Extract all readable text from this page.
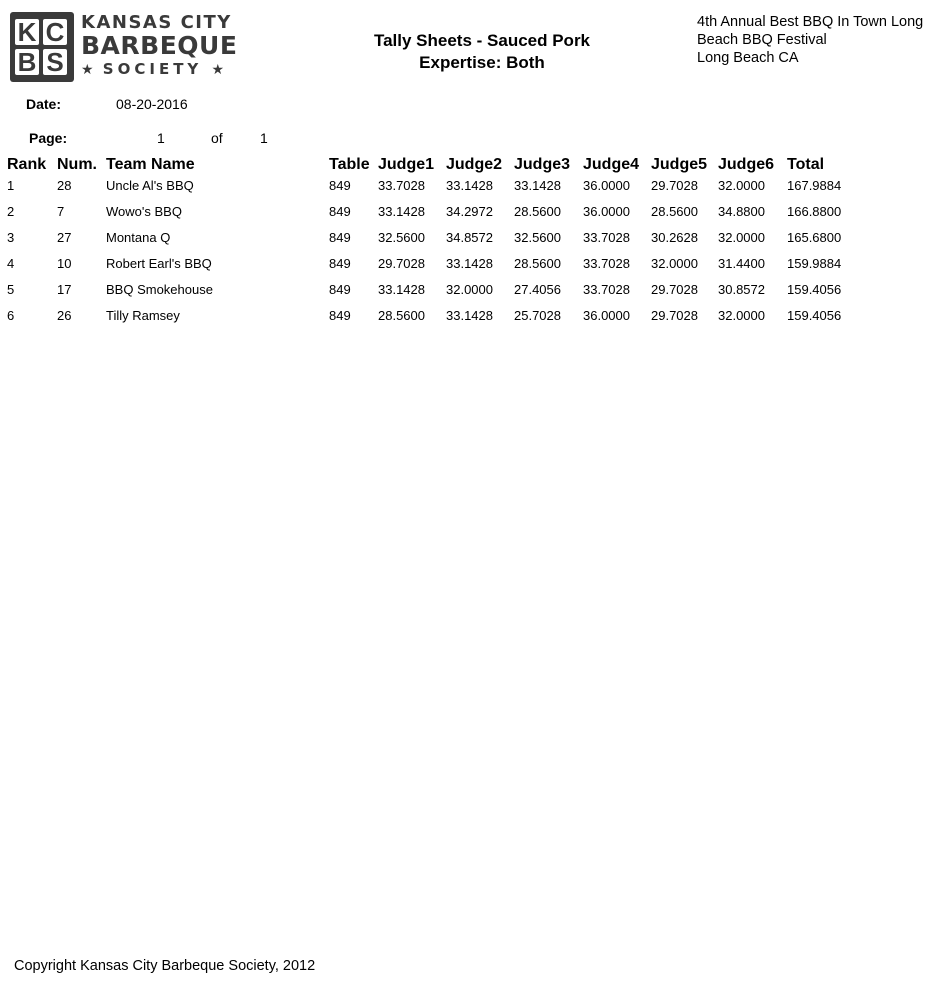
K C
B S
KANSAS CITY
BARBEQUE
★ SOCIETY ★
Tally Sheets - Sauced Pork
Expertise: Both
4th Annual Best BBQ In Town Long
Beach BBQ Festival
Long Beach CA
Date:	08-20-2016
Page:	1	of	1
Rank Num. Team Name	Table Judge1 Judge2 Judge3 Judge4 Judge5 Judge6 Total
1	28	Uncle Al's BBQ	849 33.7028 33.1428 33.1428 36.0000 29.7028 32.0000 167.9884
2	7	Wowo's BBQ	849 33.1428 34.2972 28.5600 36.0000 28.5600 34.8800 166.8800
3	27	Montana Q	849 32.5600 34.8572 32.5600 33.7028 30.2628 32.0000 165.6800
4	10	Robert Earl's BBQ	849 29.7028 33.1428 28.5600 33.7028 32.0000 31.4400 159.9884
5	17	BBQ Smokehouse	849 33.1428 32.0000 27.4056 33.7028 29.7028 30.8572 159.4056
6	26	Tilly Ramsey	849 28.5600 33.1428 25.7028 36.0000 29.7028 32.0000 159.4056
Copyright Kansas City Barbeque Society, 2012
